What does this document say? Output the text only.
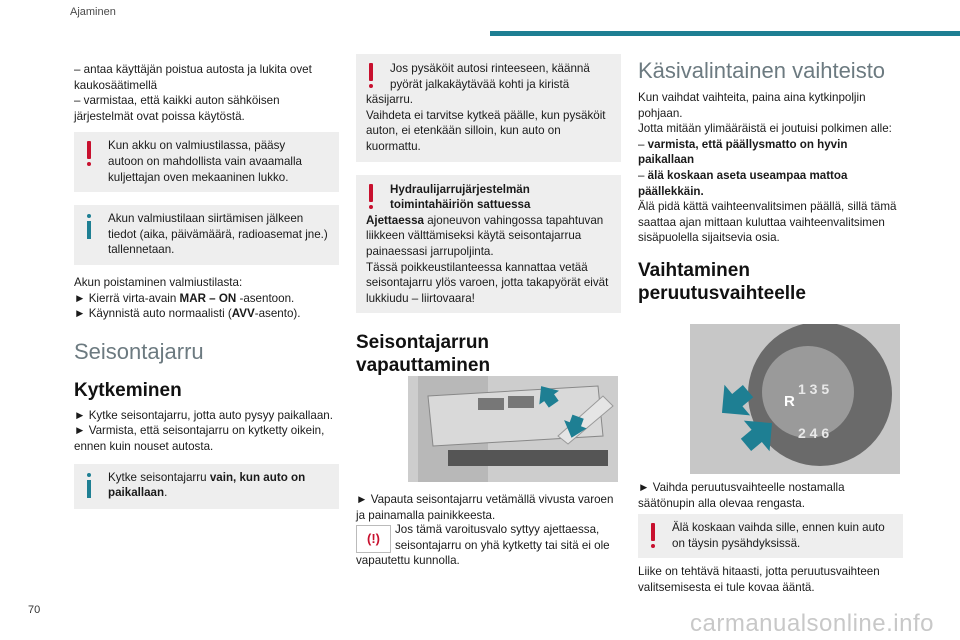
Ajaminen

– antaa käyttäjän poistua autosta ja lukita ovet kaukosäätimellä

– varmistaa, että kaikki auton sähköisen järjestelmät ovat poissa käytöstä.

Kun akku on valmiustilassa, pääsy
autoon on mahdollista vain avaamalla kuljettajan oven mekaaninen lukko.
Akun valmiustilaan siirtämisen jälkeen
tiedot (aika, päivämäärä, radioasemat jne.) tallennetaan.

Akun poistaminen valmiustilasta:

► Kierrä virta-avain MAR – ON -asentoon.

► Käynnistä auto normaalisti (AVV-asento).

Seisontajarru
Kytkeminen

► Kytke seisontajarru, jotta auto pysyy paikallaan.

► Varmista, että seisontajarru on kytketty oikein, ennen kuin nouset autosta.

Kytke seisontajarru vain, kun auto on paikallaan.
Jos pysäköit autosi rinteeseen, käännä
pyörät jalkakäytävää kohti ja kiristä käsijarru.
Vaihdeta ei tarvitse kytkeä päälle, kun pysäköit auton, ei etenkään silloin, kun auto on kuormattu.
Hydraulijarrujärjestelmän
toimintahäiriön sattuessa
Ajettaessa ajoneuvon vahingossa tapahtuvan liikkeen välttämiseksi käytä seisontajarrua painaessasi jarrupoljinta.
Tässä poikkeustilanteessa kannattaa vetää seisontajarru ylös varoen, jotta takapyörät eivät lukkiudu – liirtovaara!
Seisontajarrun vapauttaminen

► Vapauta seisontajarru vetämällä vivusta varoen ja painamalla painikkeesta.

(!)
Jos tämä varoitusvalo syttyy ajettaessa,
seisontajarru on yhä kytketty tai sitä ei ole
vapautettu kunnolla.
Käsivalintainen vaihteisto

Kun vaihdat vaihteita, paina aina kytkinpoljin pohjaan.

Jotta mitään ylimääräistä ei joutuisi polkimen alle:

– varmista, että päällysmatto on hyvin paikallaan

– älä koskaan aseta useampaa mattoa päällekkäin.

Älä pidä kättä vaihteenvalitsimen päällä, sillä tämä saattaa ajan mittaan kuluttaa vaihteenvalitsimen sisäpuolella sijaitsevia osia.

Vaihtaminen peruutusvaihteelle
1 3 5
R
2 4 6

► Vaihda peruutusvaihteelle nostamalla säätönupin alla olevaa rengasta.

Älä koskaan vaihda sille, ennen kuin auto
on täysin pysähdyksissä.

Liike on tehtävä hitaasti, jotta peruutusvaihteen valitsemisesta ei tule kovaa ääntä.

70	carmanualsonline.info
